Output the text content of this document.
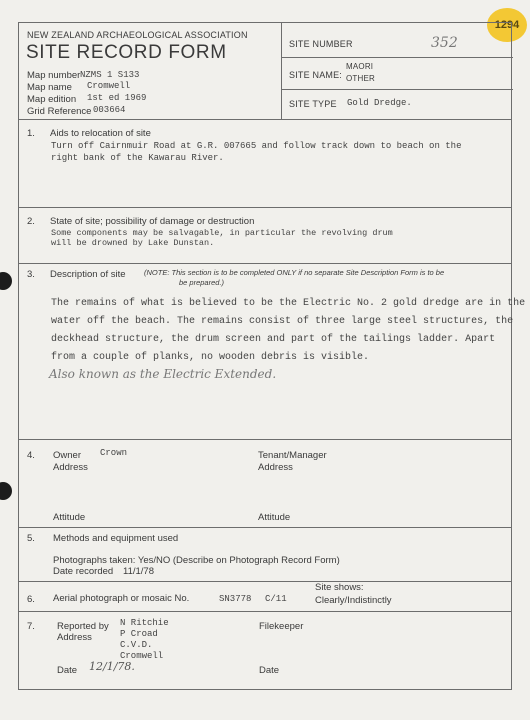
1294
NEW ZEALAND ARCHAEOLOGICAL ASSOCIATION
SITE RECORD FORM
Map number NZMS 1 S133
Map name Cromwell
Map edition 1st ed 1969
Grid Reference 003664
SITE NUMBER	352
SITE NAME:
MAORI
OTHER
SITE TYPE Gold Dredge.
1. Aids to relocation of site
Turn off Cairnmuir Road at G.R. 007665 and follow track down to beach on the
right bank of the Kawarau River.
2. State of site; possibility of damage or destruction
Some components may be salvagable, in particular the revolving drum
will be drowned by Lake Dunstan.
3. Description of site (NOTE: This section is to be completed ONLY if no separate Site Description Form is to be
be prepared.)
The remains of what is believed to be the Electric No. 2 gold dredge are in the
water off the beach. The remains consist of three large steel structures, the
deckhead structure, the drum screen and part of the tailings ladder. Apart
from a couple of planks, no wooden debris is visible.
Also known as the Electric Extended.
4. Owner Crown
Address
Tenant/Manager
Address
Attitude	Attitude
5. Methods and equipment used
Photographs taken: Yes/NO (Describe on Photograph Record Form)
Date recorded 11/1/78
6. Aerial photograph or mosaic No.	SN3778 C/11
Site shows:
Clearly/Indistinctly
7. Reported by
Address
N Ritchie
P Croad
C.V.D.
Cromwell
Filekeeper
Date 12/1/78.	Date
